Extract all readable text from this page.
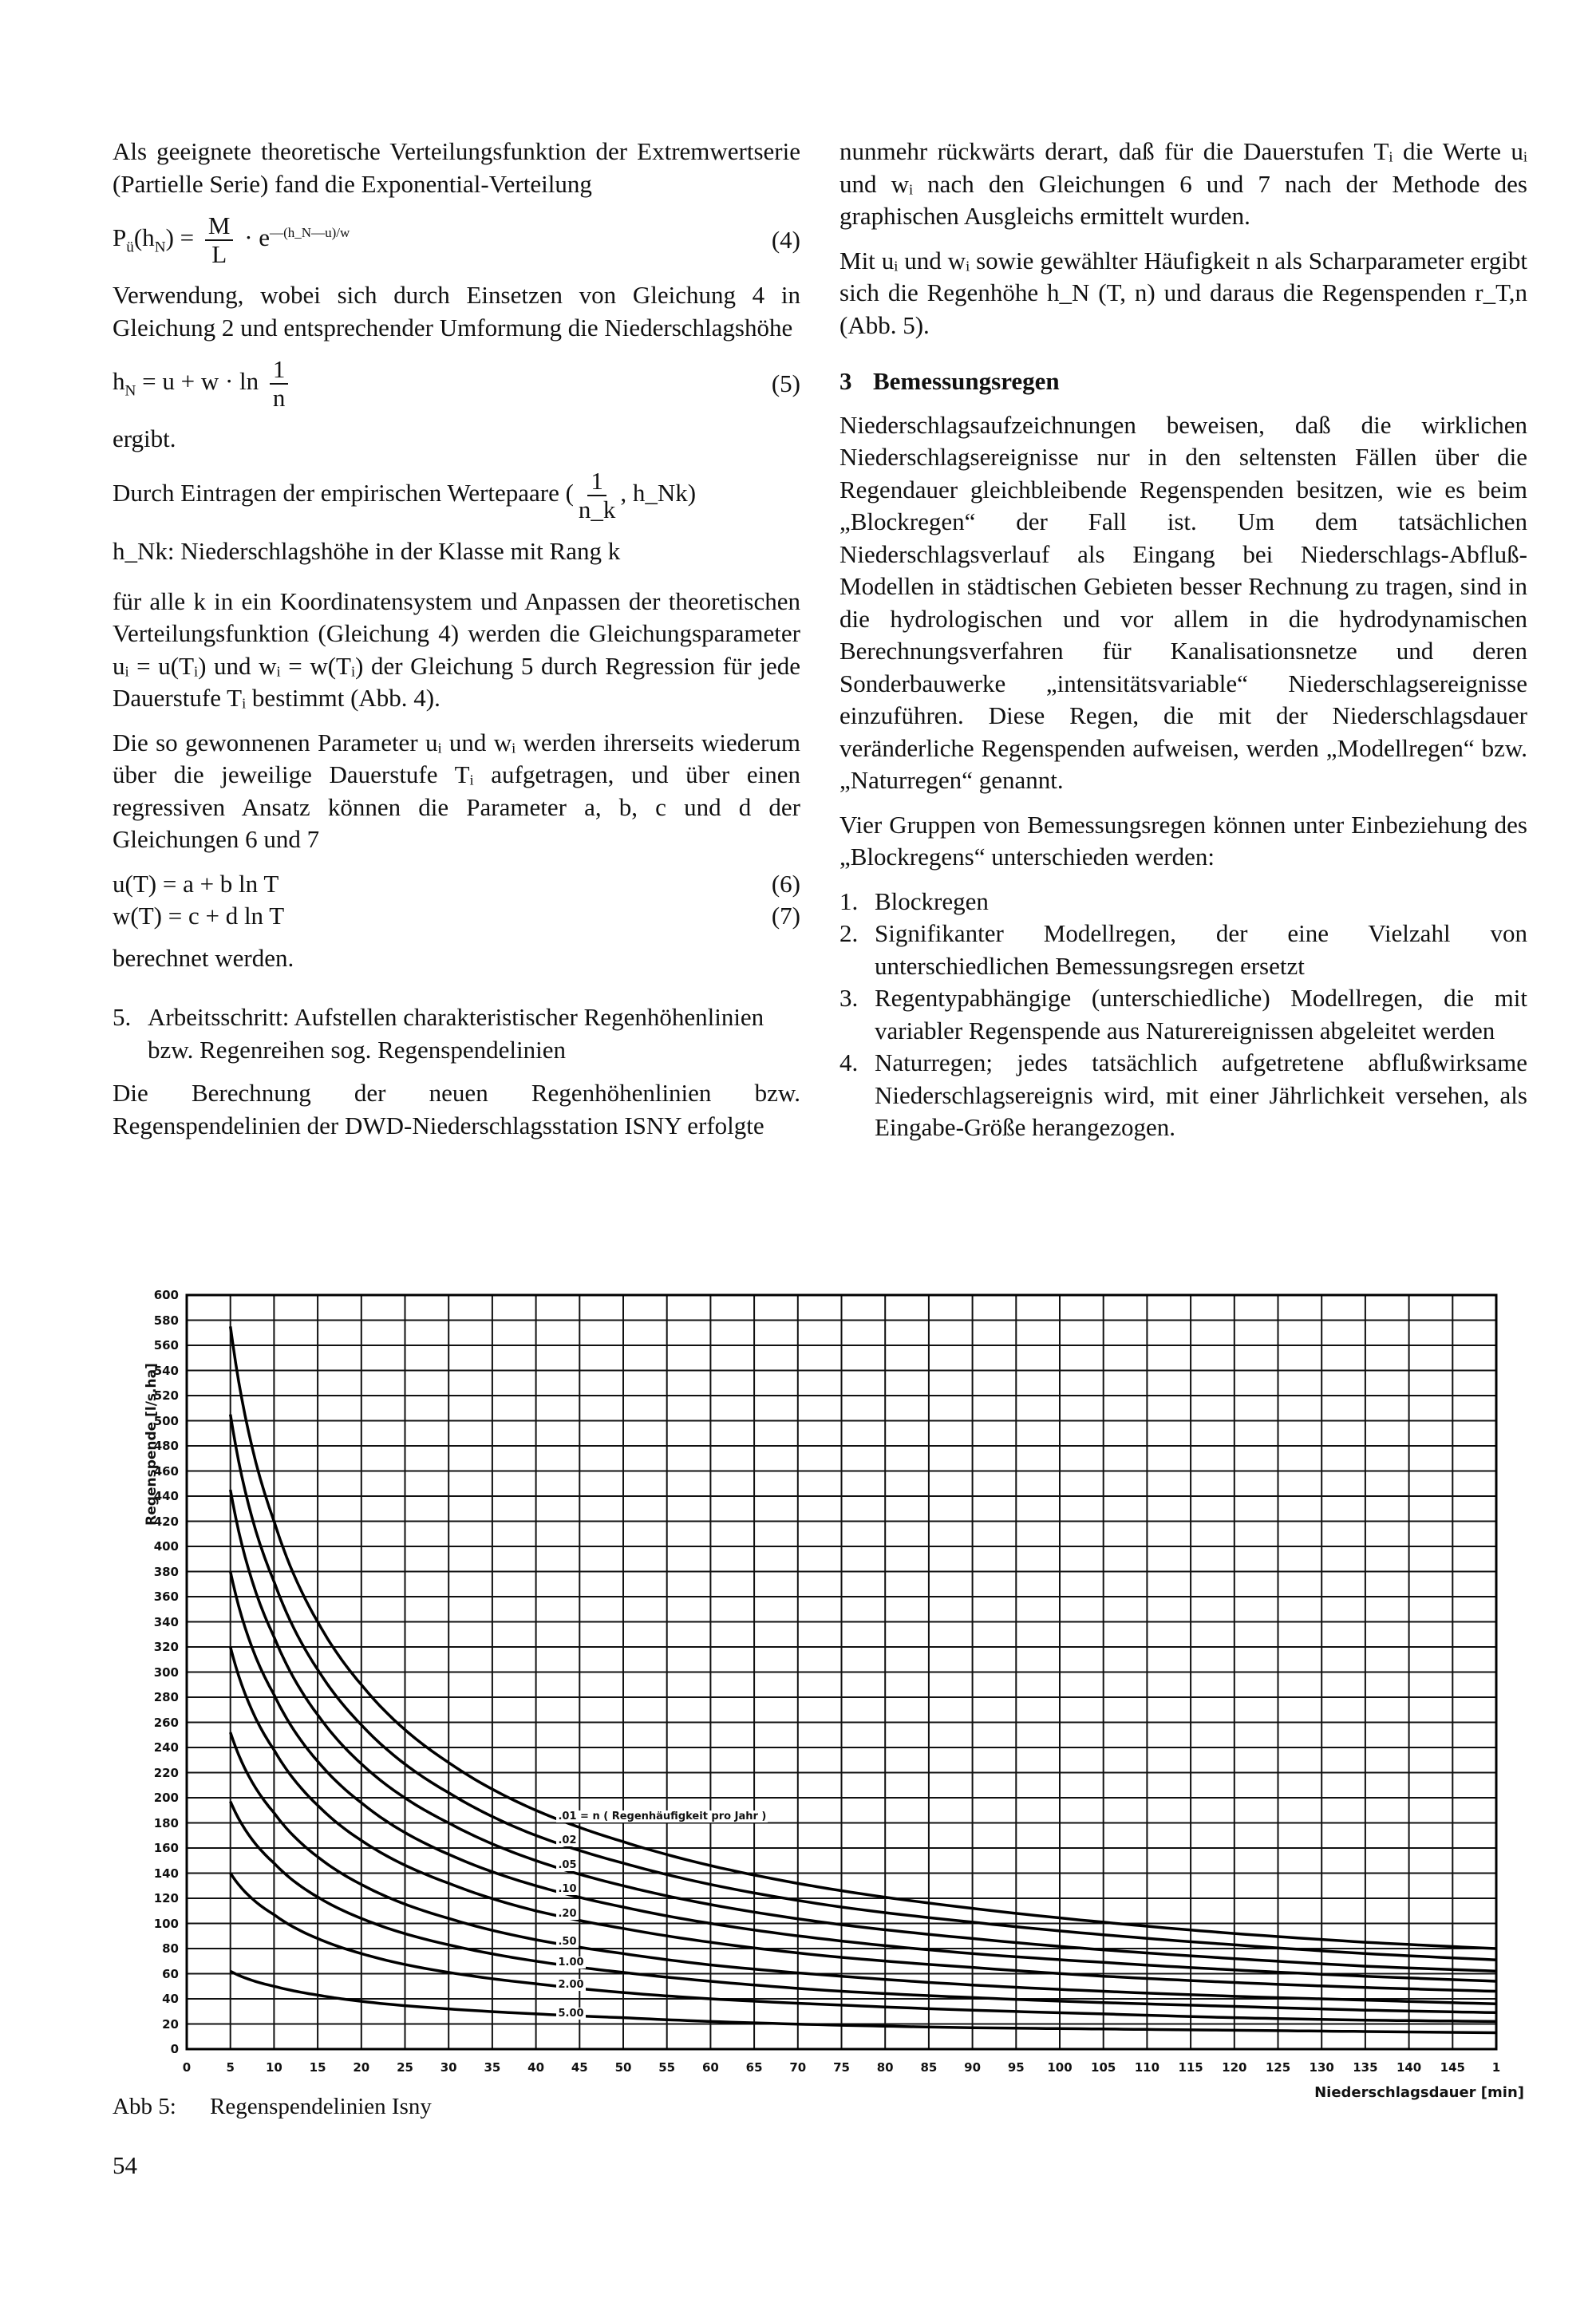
Als geeignete theoretische Verteilungsfunktion der Extremwertserie (Partielle Serie) fand die Exponential-Verteilung

$P_ü(h_N) = \frac{M}{L} \cdot e^{—(h\_N—u)/w}$	(4)

Verwendung, wobei sich durch Einsetzen von Gleichung 4 in Gleichung 2 und entsprechender Umformung die Niederschlagshöhe

$h_N = u + w \cdot \ln \frac{1}{n}$	(5)

ergibt.

Durch Eintragen der empirischen Wertepaare ( $\frac{1}{n\_k}$ , h_Nk)

h_Nk: Niederschlagshöhe in der Klasse mit Rang k

für alle k in ein Koordinatensystem und Anpassen der theoretischen Verteilungsfunktion (Gleichung 4) werden die Gleichungsparameter uᵢ = u(Tᵢ) und wᵢ = w(Tᵢ) der Gleichung 5 durch Regression für jede Dauerstufe Tᵢ bestimmt (Abb. 4).

Die so gewonnenen Parameter uᵢ und wᵢ werden ihrerseits wiederum über die jeweilige Dauerstufe Tᵢ aufgetragen, und über einen regressiven Ansatz können die Parameter a, b, c und d der Gleichungen 6 und 7

u(T) = a + b ln T	(6)
w(T) = c + d ln T	(7)

berechnet werden.

5. Arbeitsschritt: Aufstellen charakteristischer Regenhöhenlinien bzw. Regenreihen sog. Regenspendelinien

Die Berechnung der neuen Regenhöhenlinien bzw. Regenspendelinien der DWD-Niederschlagsstation ISNY erfolgte

nunmehr rückwärts derart, daß für die Dauerstufen Tᵢ die Werte uᵢ und wᵢ nach den Gleichungen 6 und 7 nach der Methode des graphischen Ausgleichs ermittelt wurden.

Mit uᵢ und wᵢ sowie gewählter Häufigkeit n als Scharparameter ergibt sich die Regenhöhe h_N (T, n) und daraus die Regenspenden r_T,n (Abb. 5).

3 Bemessungsregen

Niederschlagsaufzeichnungen beweisen, daß die wirklichen Niederschlagsereignisse nur in den seltensten Fällen über die Regendauer gleichbleibende Regenspenden besitzen, wie es beim „Blockregen“ der Fall ist. Um dem tatsächlichen Niederschlagsverlauf als Eingang bei Niederschlags-Abfluß-Modellen in städtischen Gebieten besser Rechnung zu tragen, sind in die hydrologischen und vor allem in die hydrodynamischen Berechnungsverfahren für Kanalisationsnetze und deren Sonderbauwerke „intensitätsvariable“ Niederschlagsereignisse einzuführen. Diese Regen, die mit der Niederschlagsdauer veränderliche Regenspenden aufweisen, werden „Modellregen“ bzw. „Naturregen“ genannt.

Vier Gruppen von Bemessungsregen können unter Einbeziehung des „Blockregens“ unterschieden werden:

1. Blockregen
2. Signifikanter Modellregen, der eine Vielzahl von unterschiedlichen Bemessungsregen ersetzt
3. Regentypabhängige (unterschiedliche) Modellregen, die mit variabler Regenspende aus Naturereignissen abgeleitet werden
4. Naturregen; jedes tatsächlich aufgetretene abflußwirksame Niederschlagsereignis wird, mit einer Jährlichkeit versehen, als Eingabe-Größe herangezogen.
Regenspende [l/s.ha]
Niederschlagsdauer [min]
0
20
40
60
80
100
120
140
160
180
200
220
240
260
280
300
320
340
360
380
400
420
440
460
480
500
520
540
560
580
600
0	5	10	15	20	25	30	35	40	45	50	55	60	65	70	75	80	85	90	95	100 105 110 115 120 125 130 135 140 145	1
.01 = n ( Regenhäufigkeit pro Jahr )
.02
.05
.10
.20
.50
1.00
2.00
5.00
Abb 5: Regenspendelinien Isny
54
